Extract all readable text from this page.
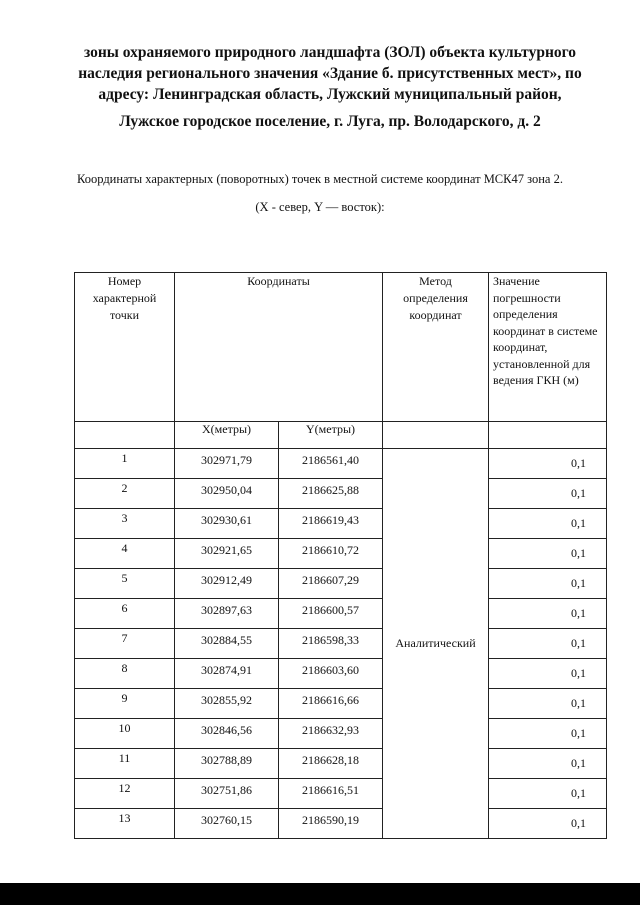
зоны охраняемого природного ландшафта (ЗОЛ) объекта культурного
наследия регионального значения «Здание б. присутственных мест», по
адресу: Ленинградская область, Лужский муниципальный район,
Лужское городское поселение, г. Луга, пр. Володарского, д. 2
Координаты характерных (поворотных) точек в местной системе координат МСК47 зона 2.
(X - север, Y — восток):
Номер характерной точки	Координаты		Метод определения координат	Значение погрешности определения координат в системе координат, установленной для ведения ГКН (м)
	X(метры)	Y(метры)		
1	302971,79	2186561,40	Аналитический	0,1
2	302950,04	2186625,88		0,1
3	302930,61	2186619,43		0,1
4	302921,65	2186610,72		0,1
5	302912,49	2186607,29		0,1
6	302897,63	2186600,57		0,1
7	302884,55	2186598,33		0,1
8	302874,91	2186603,60		0,1
9	302855,92	2186616,66		0,1
10	302846,56	2186632,93		0,1
11	302788,89	2186628,18		0,1
12	302751,86	2186616,51		0,1
13	302760,15	2186590,19		0,1
